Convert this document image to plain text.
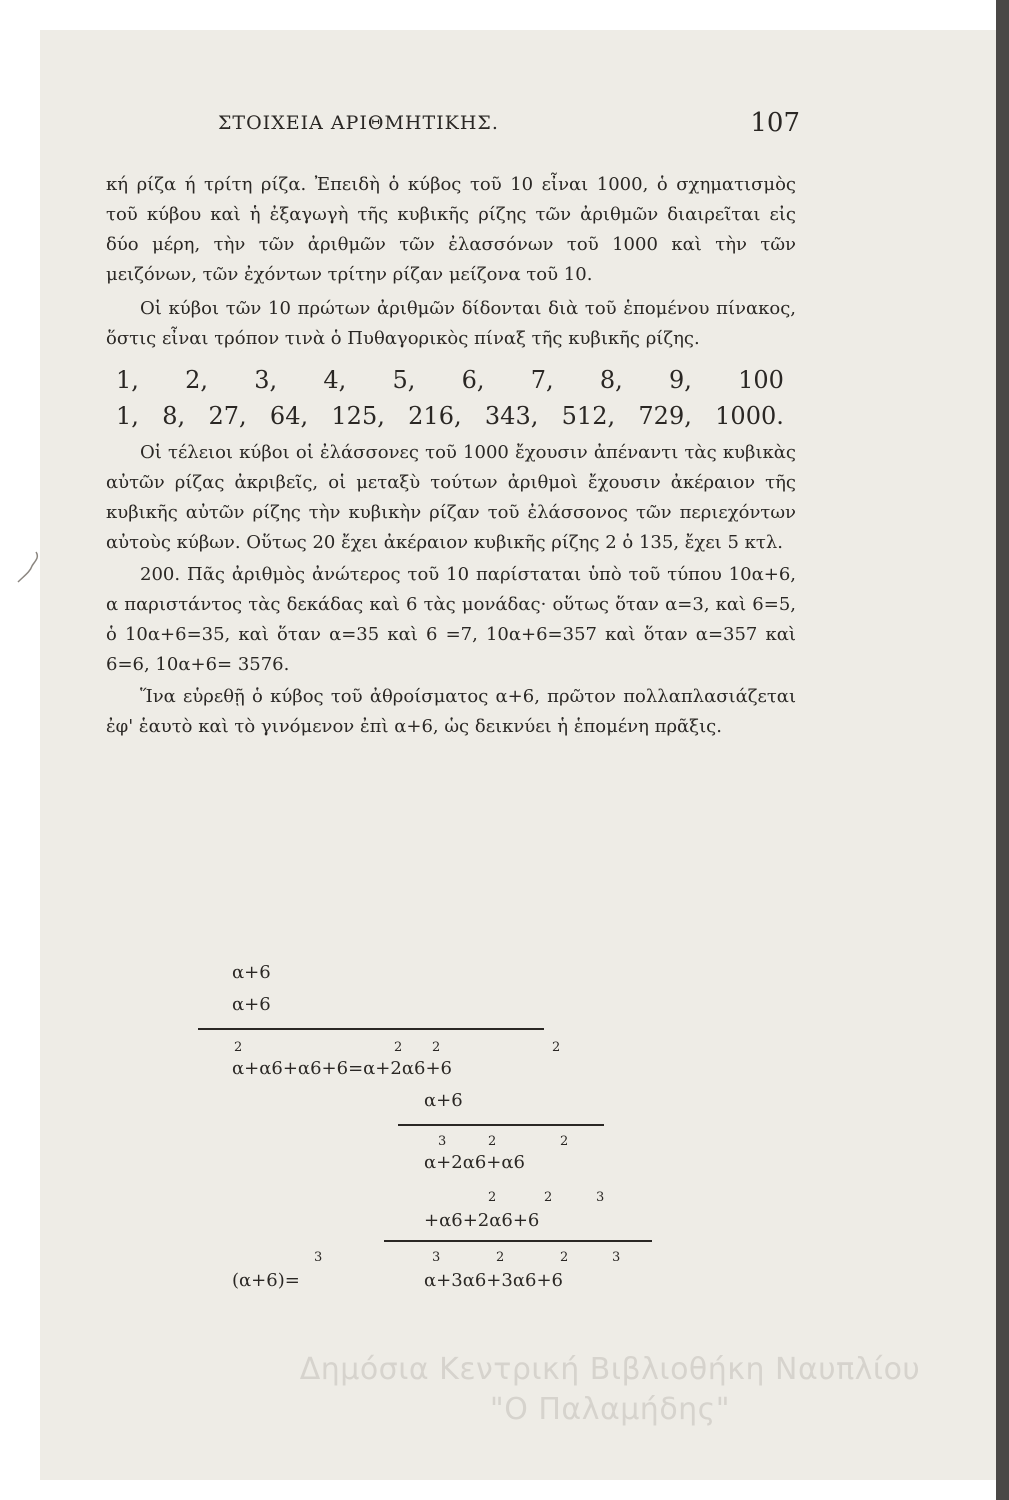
ΣΤΟΙΧΕΙΑ ΑΡΙΘΜΗΤΙΚΗΣ.	107

κή ρίζα ή τρίτη ρίζα. Ἐπειδὴ ὁ κύβος τοῦ 10 εἶναι 1000, ὁ σχηματισμὸς τοῦ κύβου καὶ ἡ ἐξαγωγὴ τῆς κυβικῆς ρίζης τῶν ἀριθμῶν διαιρεῖται εἰς δύο μέρη, τὴν τῶν ἀριθμῶν τῶν ἐλασσόνων τοῦ 1000 καὶ τὴν τῶν μειζόνων, τῶν ἐχόντων τρίτην ρίζαν μείζονα τοῦ 10.

Οἱ κύβοι τῶν 10 πρώτων ἀριθμῶν δίδονται διὰ τοῦ ἑπομένου πίνακος, ὅστις εἶναι τρόπον τινὰ ὁ Πυθαγορικὸς πίναξ τῆς κυβικῆς ρίζης.

1, 2, 3, 4, 5, 6, 7, 8, 9, 100
1, 8, 27, 64, 125, 216, 343, 512, 729, 1000.

Οἱ τέλειοι κύβοι οἱ ἐλάσσονες τοῦ 1000 ἔχουσιν ἀπέναντι τὰς κυβικὰς αὐτῶν ρίζας ἀκριβεῖς, οἱ μεταξὺ τούτων ἀριθμοὶ ἔχουσιν ἀκέραιον τῆς κυβικῆς αὐτῶν ρίζης τὴν κυβικὴν ρίζαν τοῦ ἐλάσσονος τῶν περιεχόντων αὐτοὺς κύβων. Οὕτως 20 ἔχει ἀκέραιον κυβικῆς ρίζης 2 ὁ 135, ἔχει 5 κτλ.

200. Πᾶς ἀριθμὸς ἀνώτερος τοῦ 10 παρίσταται ὑπὸ τοῦ τύπου 10α+6, α παριστάντος τὰς δεκάδας καὶ 6 τὰς μονάδας· οὕτως ὅταν α=3, καὶ 6=5, ὁ 10α+6=35, καὶ ὅταν α=35 καὶ 6 =7, 10α+6=357 καὶ ὅταν α=357 καὶ 6=6, 10α+6= 3576.

Ἵνα εὑρεθῇ ὁ κύβος τοῦ ἀθροίσματος α+6, πρῶτον πολλαπλασιάζεται ἐφ' ἑαυτὸ καὶ τὸ γινόμενον ἐπὶ α+6, ὡς δεικνύει ἡ ἑπομένη πρᾶξις.

α+6
α+6
2	2 2	2
α+α6+α6+6=α+2α6+6
α+6
3	2	2
α+2α6+α6
2	2	3
+α6+2α6+6
3	3	2	2	3
(α+6)=	α+3α6+3α6+6
Δημόσια Κεντρική Βιβλιοθήκη Ναυπλίου
"Ο Παλαμήδης"
